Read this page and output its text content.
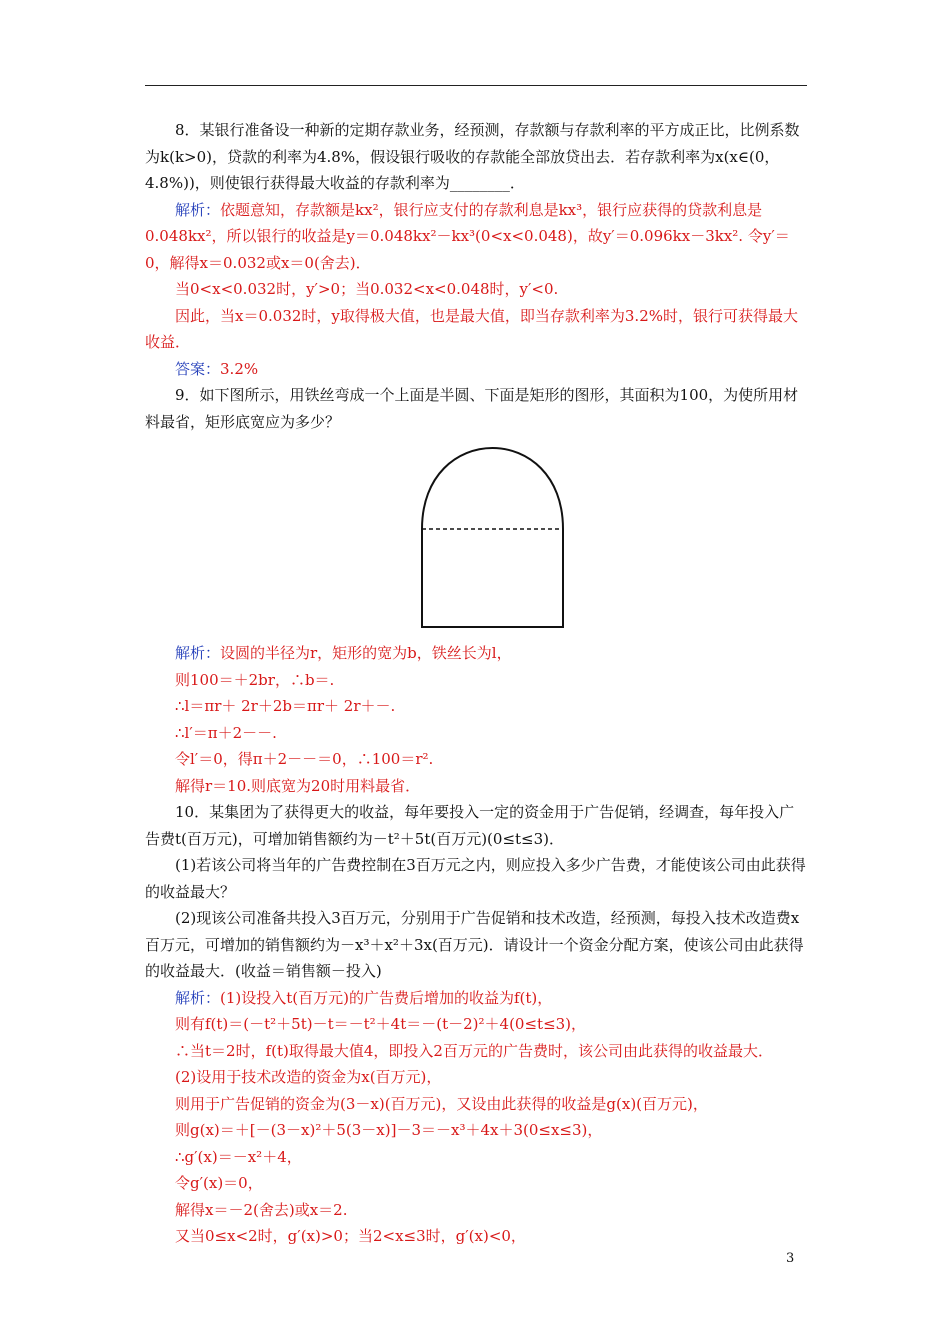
8．某银行准备设一种新的定期存款业务，经预测，存款额与存款利率的平方成正比，比例系数为k(k>0)，贷款的利率为4.8%，假设银行吸收的存款能全部放贷出去．若存款利率为x(x∈(0，4.8%))，则使银行获得最大收益的存款利率为________．

解析：依题意知，存款额是kx²，银行应支付的存款利息是kx³，银行应获得的贷款利息是0.048kx²，所以银行的收益是y＝0.048kx²－kx³(0<x<0.048)，故y′＝0.096kx－3kx². 令y′＝0，解得x＝0.032或x＝0(舍去)．

当0<x<0.032时，y′>0；当0.032<x<0.048时，y′<0.

因此，当x＝0.032时，y取得极大值，也是最大值，即当存款利率为3.2%时，银行可获得最大收益．

答案：3.2%

9．如下图所示，用铁丝弯成一个上面是半圆、下面是矩形的图形，其面积为100，为使所用材料最省，矩形底宽应为多少？

解析：设圆的半径为r，矩形的宽为b，铁丝长为l，

则100＝＋2br，∴b＝.

∴l＝πr＋ 2r＋2b＝πr＋ 2r＋－.

∴l′＝π＋2－－.

令l′＝0，得π＋2－－＝0，∴100＝r².

解得r＝10.则底宽为20时用料最省．

10．某集团为了获得更大的收益，每年要投入一定的资金用于广告促销，经调查，每年投入广告费t(百万元)，可增加销售额约为－t²＋5t(百万元)(0≤t≤3)．

(1)若该公司将当年的广告费控制在3百万元之内，则应投入多少广告费，才能使该公司由此获得的收益最大？

(2)现该公司准备共投入3百万元，分别用于广告促销和技术改造，经预测，每投入技术改造费x百万元，可增加的销售额约为－x³＋x²＋3x(百万元)．请设计一个资金分配方案，使该公司由此获得的收益最大．(收益＝销售额－投入)

解析：(1)设投入t(百万元)的广告费后增加的收益为f(t)，

则有f(t)＝(－t²＋5t)－t＝－t²＋4t＝－(t－2)²＋4(0≤t≤3)，

∴当t＝2时，f(t)取得最大值4，即投入2百万元的广告费时，该公司由此获得的收益最大．

(2)设用于技术改造的资金为x(百万元)，

则用于广告促销的资金为(3－x)(百万元)，又设由此获得的收益是g(x)(百万元)，

则g(x)＝＋[－(3－x)²＋5(3－x)]－3＝－x³＋4x＋3(0≤x≤3)，

∴g′(x)＝－x²＋4，

令g′(x)＝0，

解得x＝－2(舍去)或x＝2.

又当0≤x<2时，g′(x)>0；当2<x≤3时，g′(x)<0，

3
